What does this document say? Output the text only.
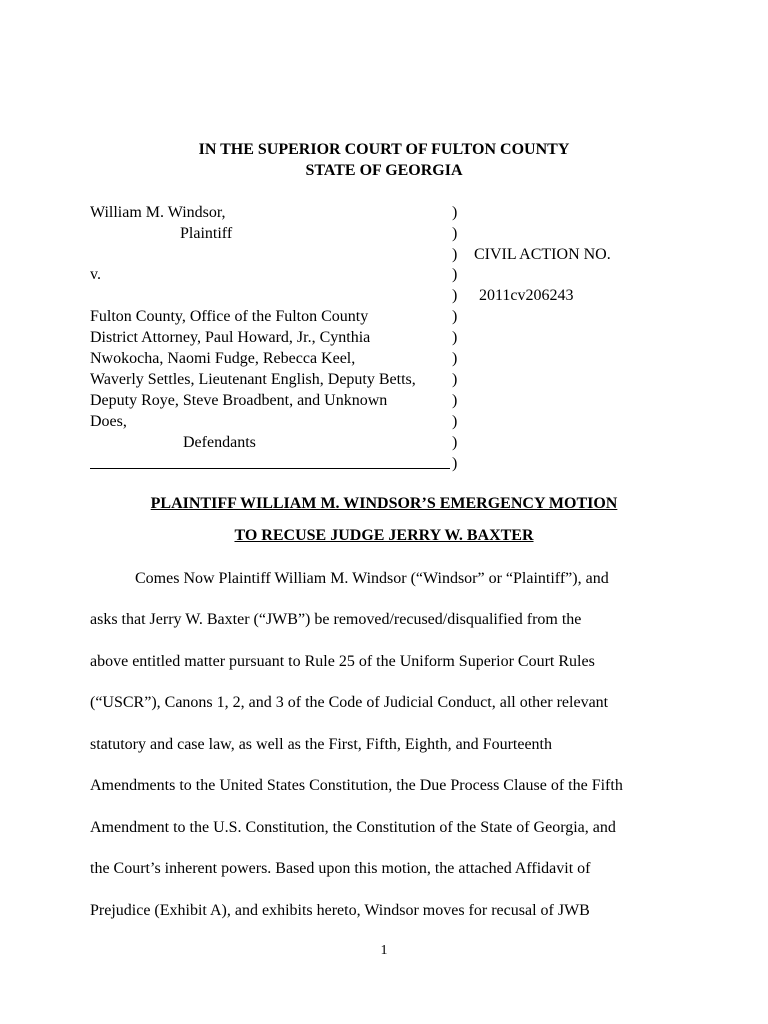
IN THE SUPERIOR COURT OF FULTON COUNTY
STATE OF GEORGIA
William M. Windsor,
Plaintiff
v.
Fulton County, Office of the Fulton County
District Attorney, Paul Howard, Jr., Cynthia
Nwokocha, Naomi Fudge, Rebecca Keel,
Waverly Settles, Lieutenant English, Deputy Betts,
Deputy Roye, Steve Broadbent, and Unknown
Does,
Defendants
)
)
)
)
)
)
)
)
)
)
)
)
)
CIVIL ACTION NO.
2011cv206243
PLAINTIFF WILLIAM M. WINDSOR’S EMERGENCY MOTION
TO RECUSE JUDGE JERRY W. BAXTER
Comes Now Plaintiff William M. Windsor (“Windsor” or “Plaintiff”), and
asks that Jerry W. Baxter (“JWB”) be removed/recused/disqualified from the
above entitled matter pursuant to Rule 25 of the Uniform Superior Court Rules
(“USCR”), Canons 1, 2, and 3 of the Code of Judicial Conduct, all other relevant
statutory and case law, as well as the First, Fifth, Eighth, and Fourteenth
Amendments to the United States Constitution, the Due Process Clause of the Fifth
Amendment to the U.S. Constitution, the Constitution of the State of Georgia, and
the Court’s inherent powers. Based upon this motion, the attached Affidavit of
Prejudice (Exhibit A), and exhibits hereto, Windsor moves for recusal of JWB
1
